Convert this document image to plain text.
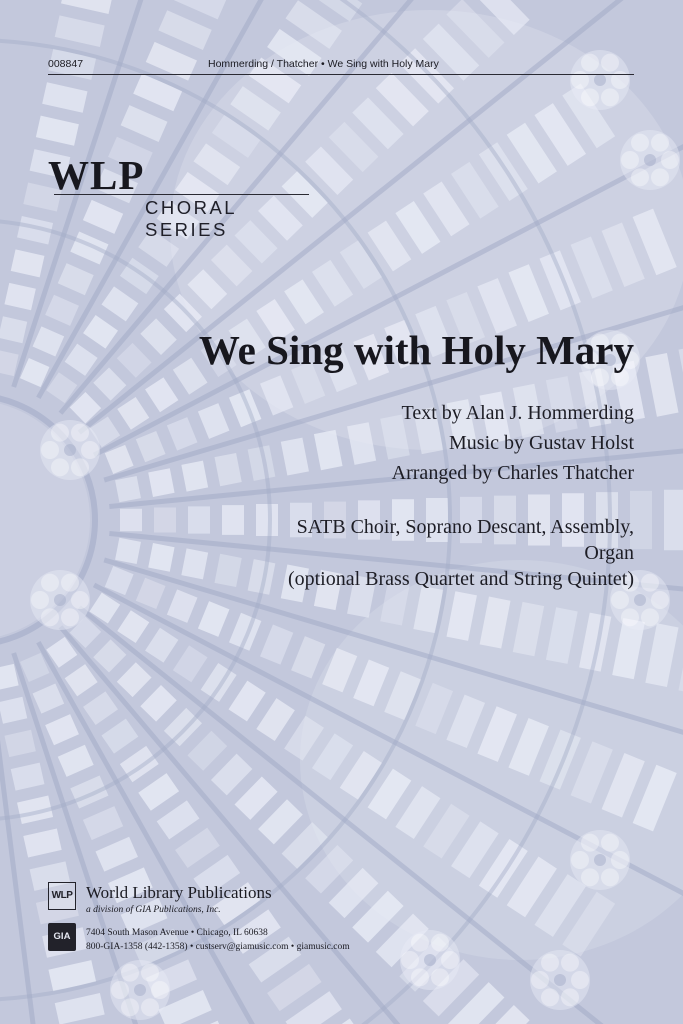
008847	Hommerding / Thatcher • We Sing with Holy Mary
WLP
CHORAL SERIES
We Sing with Holy Mary
Text by Alan J. Hommerding
Music by Gustav Holst
Arranged by Charles Thatcher
SATB Choir, Soprano Descant, Assembly,
Organ
(optional Brass Quartet and String Quintet)
WLP World Library Publications
a division of GIA Publications, Inc.
GIA	7404 South Mason Avenue • Chicago, IL 60638
800-GIA-1358 (442-1358) • custserv@giamusic.com • giamusic.com
